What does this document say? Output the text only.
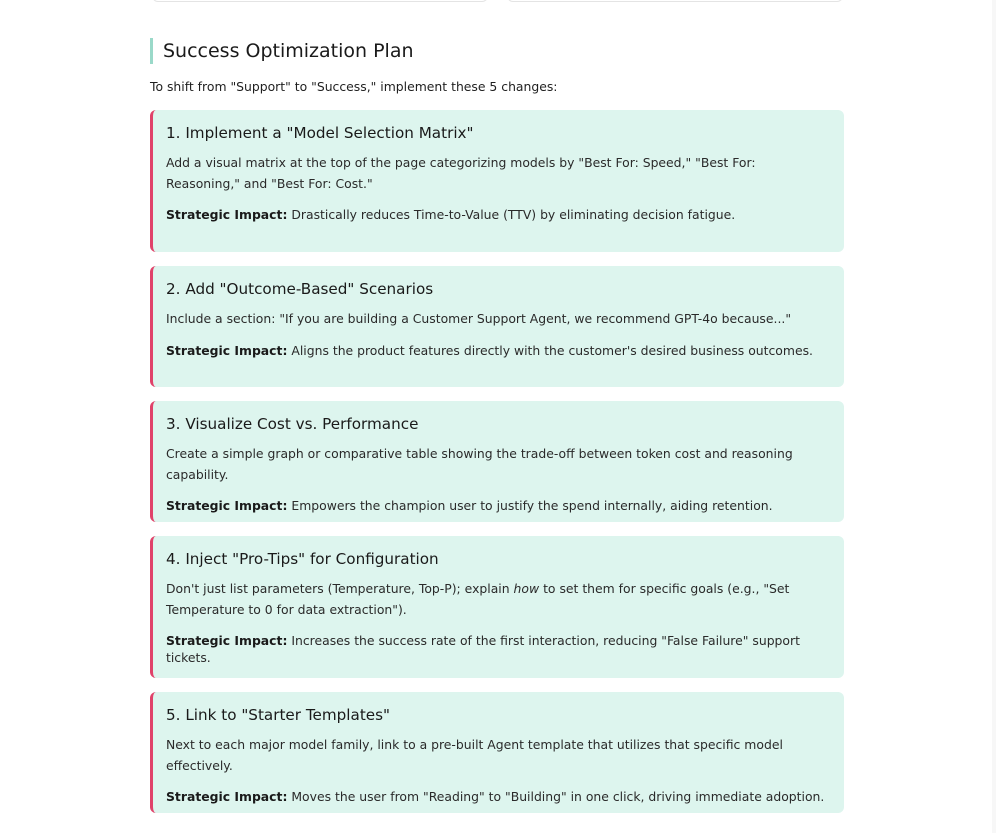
Success Optimization Plan

To shift from "Support" to "Success," implement these 5 changes:

1. Implement a "Model Selection Matrix"

Add a visual matrix at the top of the page categorizing models by "Best For: Speed," "Best For: Reasoning," and "Best For: Cost."

Strategic Impact: Drastically reduces Time-to-Value (TTV) by eliminating decision fatigue.

2. Add "Outcome-Based" Scenarios

Include a section: "If you are building a Customer Support Agent, we recommend GPT-4o because..."

Strategic Impact: Aligns the product features directly with the customer's desired business outcomes.

3. Visualize Cost vs. Performance

Create a simple graph or comparative table showing the trade-off between token cost and reasoning capability.

Strategic Impact: Empowers the champion user to justify the spend internally, aiding retention.

4. Inject "Pro-Tips" for Configuration

Don't just list parameters (Temperature, Top-P); explain how to set them for specific goals (e.g., "Set Temperature to 0 for data extraction").

Strategic Impact: Increases the success rate of the first interaction, reducing "False Failure" support tickets.

5. Link to "Starter Templates"

Next to each major model family, link to a pre-built Agent template that utilizes that specific model effectively.

Strategic Impact: Moves the user from "Reading" to "Building" in one click, driving immediate adoption.
